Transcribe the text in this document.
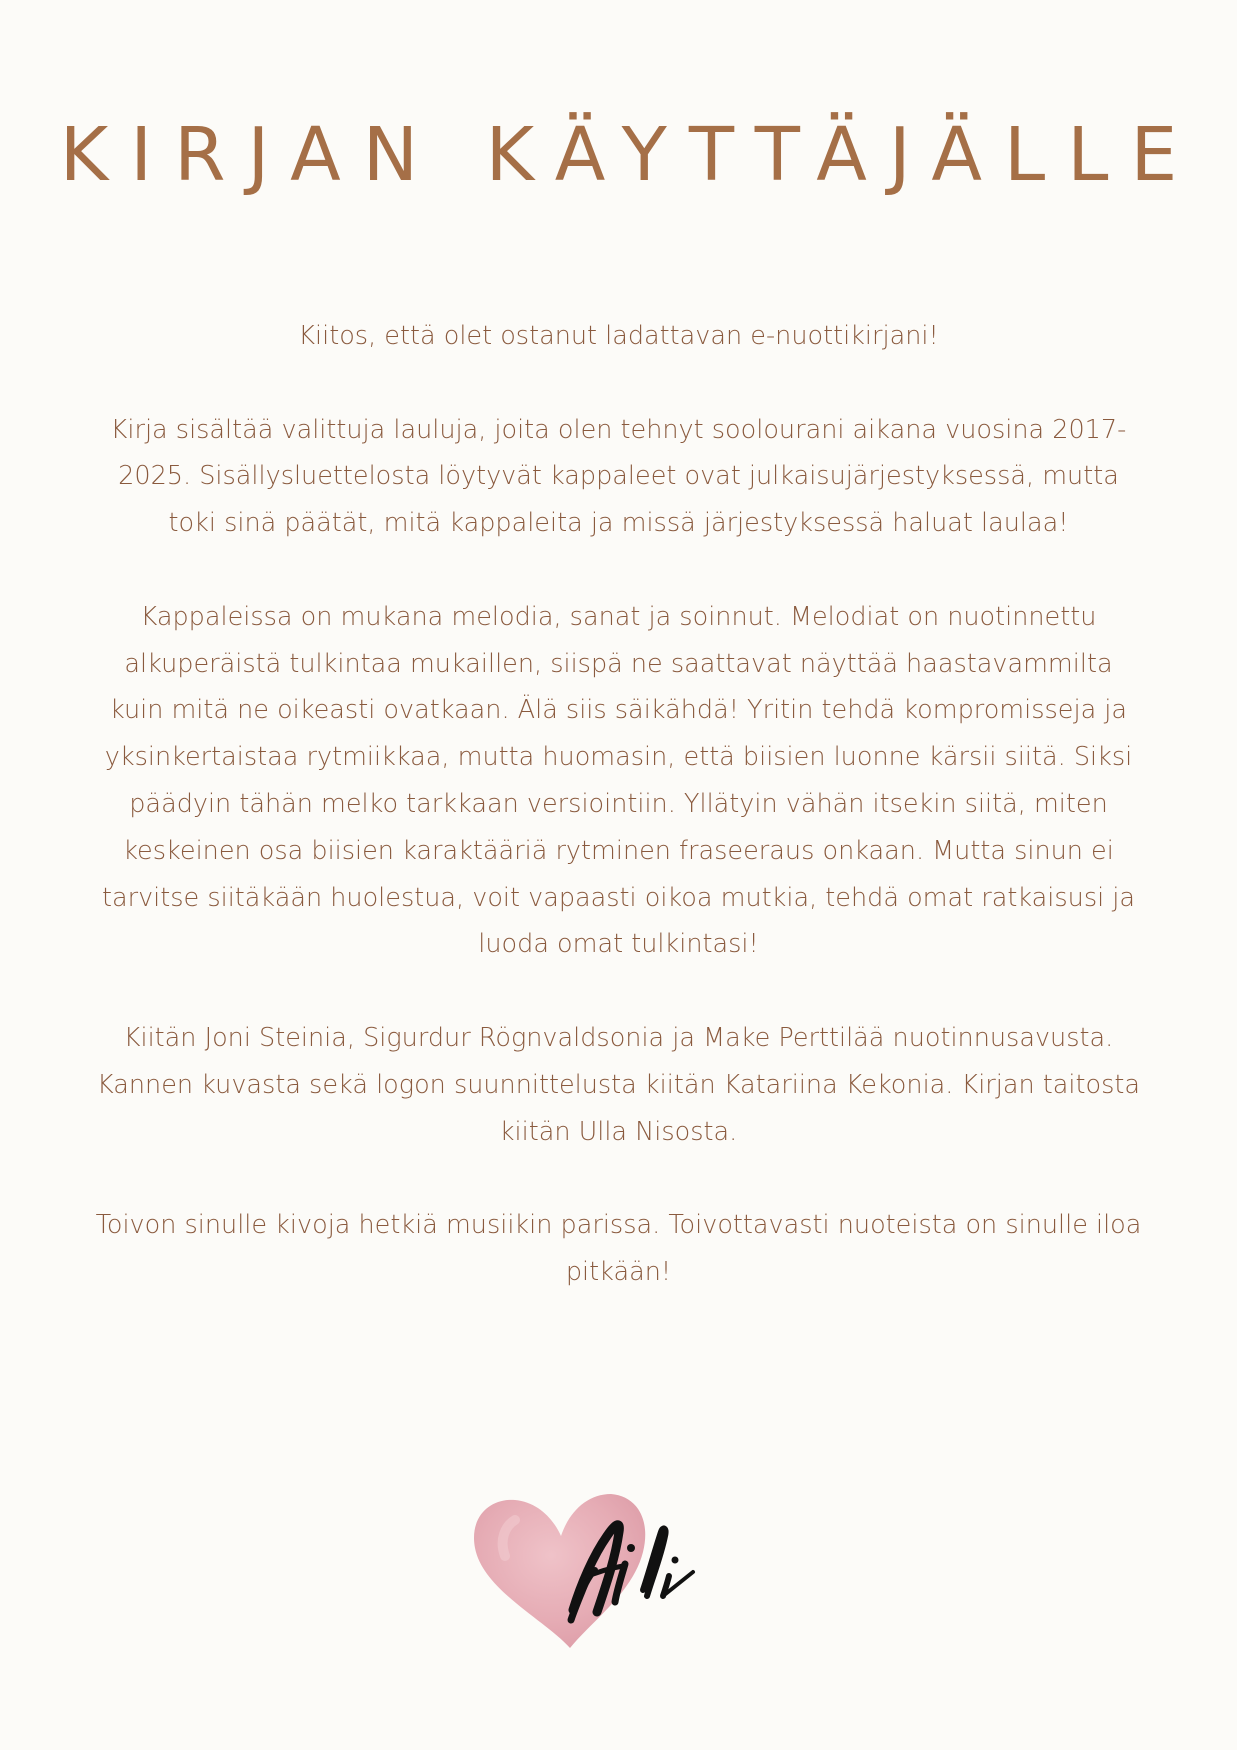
KIRJAN KÄYTTÄJÄLLE

Kiitos, että olet ostanut ladattavan e-nuottikirjani!

Kirja sisältää valittuja lauluja, joita olen tehnyt soolourani aikana vuosina 2017-2025. Sisällysluettelosta löytyvät kappaleet ovat julkaisujärjestyksessä, mutta toki sinä päätät, mitä kappaleita ja missä järjestyksessä haluat laulaa!

Kappaleissa on mukana melodia, sanat ja soinnut. Melodiat on nuotinnettu alkuperäistä tulkintaa mukaillen, siispä ne saattavat näyttää haastavammilta kuin mitä ne oikeasti ovatkaan. Älä siis säikähdä! Yritin tehdä kompromisseja ja yksinkertaistaa rytmiikkaa, mutta huomasin, että biisien luonne kärsii siitä. Siksi päädyin tähän melko tarkkaan versiointiin. Yllätyin vähän itsekin siitä, miten keskeinen osa biisien karaktääriä rytminen fraseeraus onkaan. Mutta sinun ei tarvitse siitäkään huolestua, voit vapaasti oikoa mutkia, tehdä omat ratkaisusi ja luoda omat tulkintasi!

Kiitän Joni Steinia, Sigurdur Rögnvaldsonia ja Make Perttilää nuotinnusavusta. Kannen kuvasta sekä logon suunnittelusta kiitän Katariina Kekonia. Kirjan taitosta kiitän Ulla Nisosta.

Toivon sinulle kivoja hetkiä musiikin parissa. Toivottavasti nuoteista on sinulle iloa pitkään!
